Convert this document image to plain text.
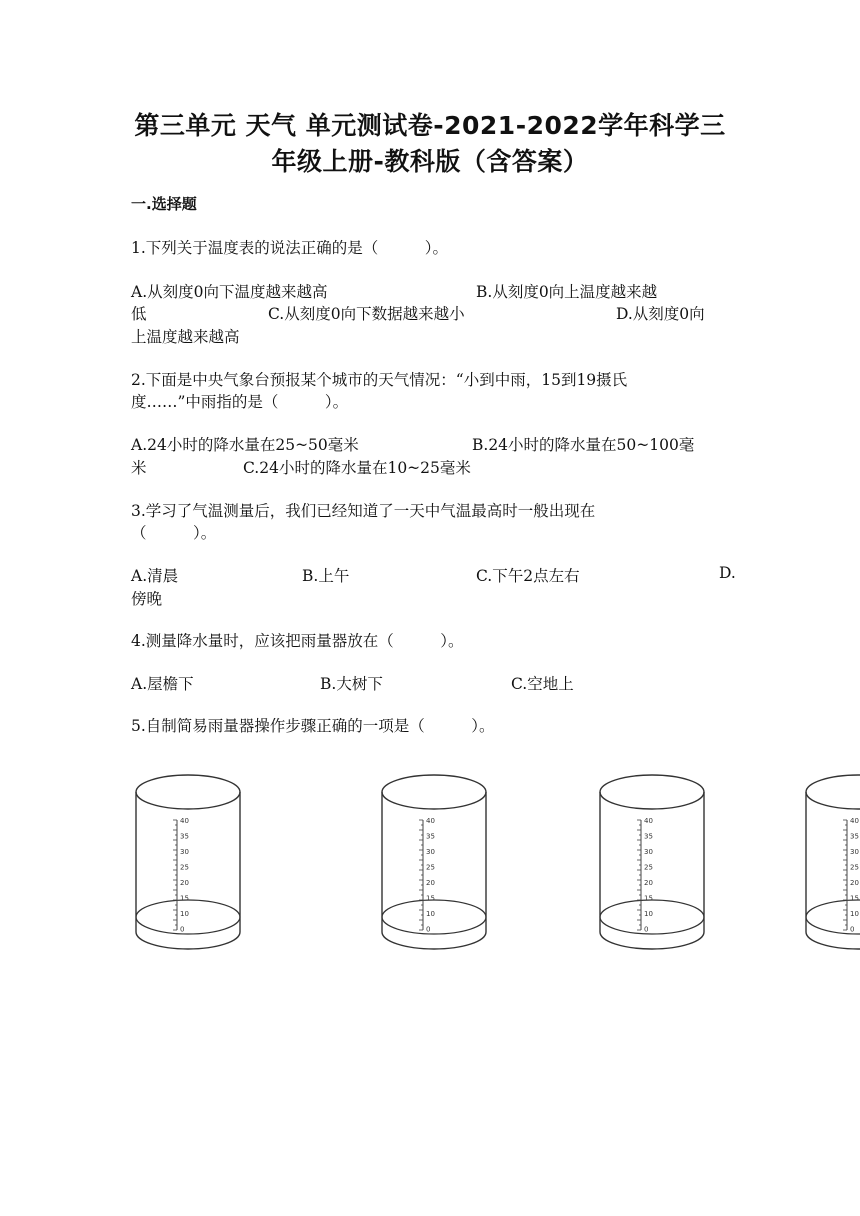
第三单元 天气 单元测试卷-2021-2022学年科学三
年级上册-教科版（含答案）
一.选择题
1.下列关于温度表的说法正确的是（　　　）。
A.从刻度0向下温度越来越高	B.从刻度0向上温度越来越
低	C.从刻度0向下数据越来越小	D.从刻度0向
上温度越来越高
2.下面是中央气象台预报某个城市的天气情况：“小到中雨，15到19摄氏
度……”中雨指的是（　　　）。
A.24小时的降水量在25~50毫米	B.24小时的降水量在50~100毫
米	C.24小时的降水量在10~25毫米
3.学习了气温测量后，我们已经知道了一天中气温最高时一般出现在
（　　　）。
A.清晨	B.上午	C.下午2点左右	D.
傍晚
4.测量降水量时，应该把雨量器放在（　　　）。
A.屋檐下	B.大树下	C.空地上
5.自制简易雨量器操作步骤正确的一项是（　　　）。
40
35
30
25
20
15
10
0
40
35
30
25
20
15
10
0
40
35
30
25
20
15
10
0
40
35
30
25
20
15
10
0
